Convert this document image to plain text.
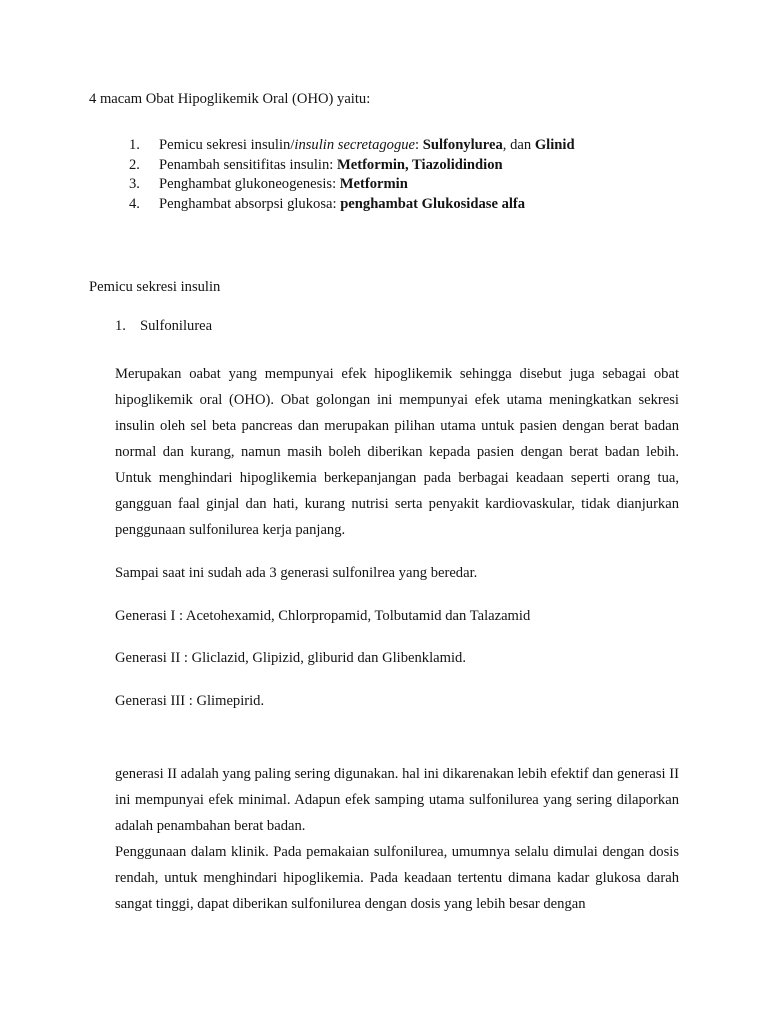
4 macam Obat Hipoglikemik Oral (OHO) yaitu:
1.	Pemicu sekresi insulin/insulin secretagogue: Sulfonylurea, dan Glinid
2.	Penambah sensitifitas insulin: Metformin, Tiazolidindion
3.	Penghambat glukoneogenesis: Metformin
4.	Penghambat absorpsi glukosa: penghambat Glukosidase alfa
Pemicu sekresi insulin
1. Sulfonilurea

Merupakan oabat yang mempunyai efek hipoglikemik sehingga disebut juga sebagai obat hipoglikemik oral (OHO). Obat golongan ini mempunyai efek utama meningkatkan sekresi insulin oleh sel beta pancreas dan merupakan pilihan utama untuk pasien dengan berat badan normal dan kurang, namun masih boleh diberikan kepada pasien dengan berat badan lebih. Untuk menghindari hipoglikemia berkepanjangan pada berbagai keadaan seperti orang tua, gangguan faal ginjal dan hati, kurang nutrisi serta penyakit kardiovaskular, tidak dianjurkan penggunaan sulfonilurea kerja panjang.

Sampai saat ini sudah ada 3 generasi sulfonilrea yang beredar.
Generasi I : Acetohexamid, Chlorpropamid, Tolbutamid dan Talazamid
Generasi II : Gliclazid, Glipizid, gliburid dan Glibenklamid.
Generasi III : Glimepirid.

generasi II adalah yang paling sering digunakan. hal ini dikarenakan lebih efektif dan generasi II ini mempunyai efek minimal. Adapun efek samping utama sulfonilurea yang sering dilaporkan adalah penambahan berat badan.

Penggunaan dalam klinik. Pada pemakaian sulfonilurea, umumnya selalu dimulai dengan dosis rendah, untuk menghindari hipoglikemia. Pada keadaan tertentu dimana kadar glukosa darah sangat tinggi, dapat diberikan sulfonilurea dengan dosis yang lebih besar dengan
